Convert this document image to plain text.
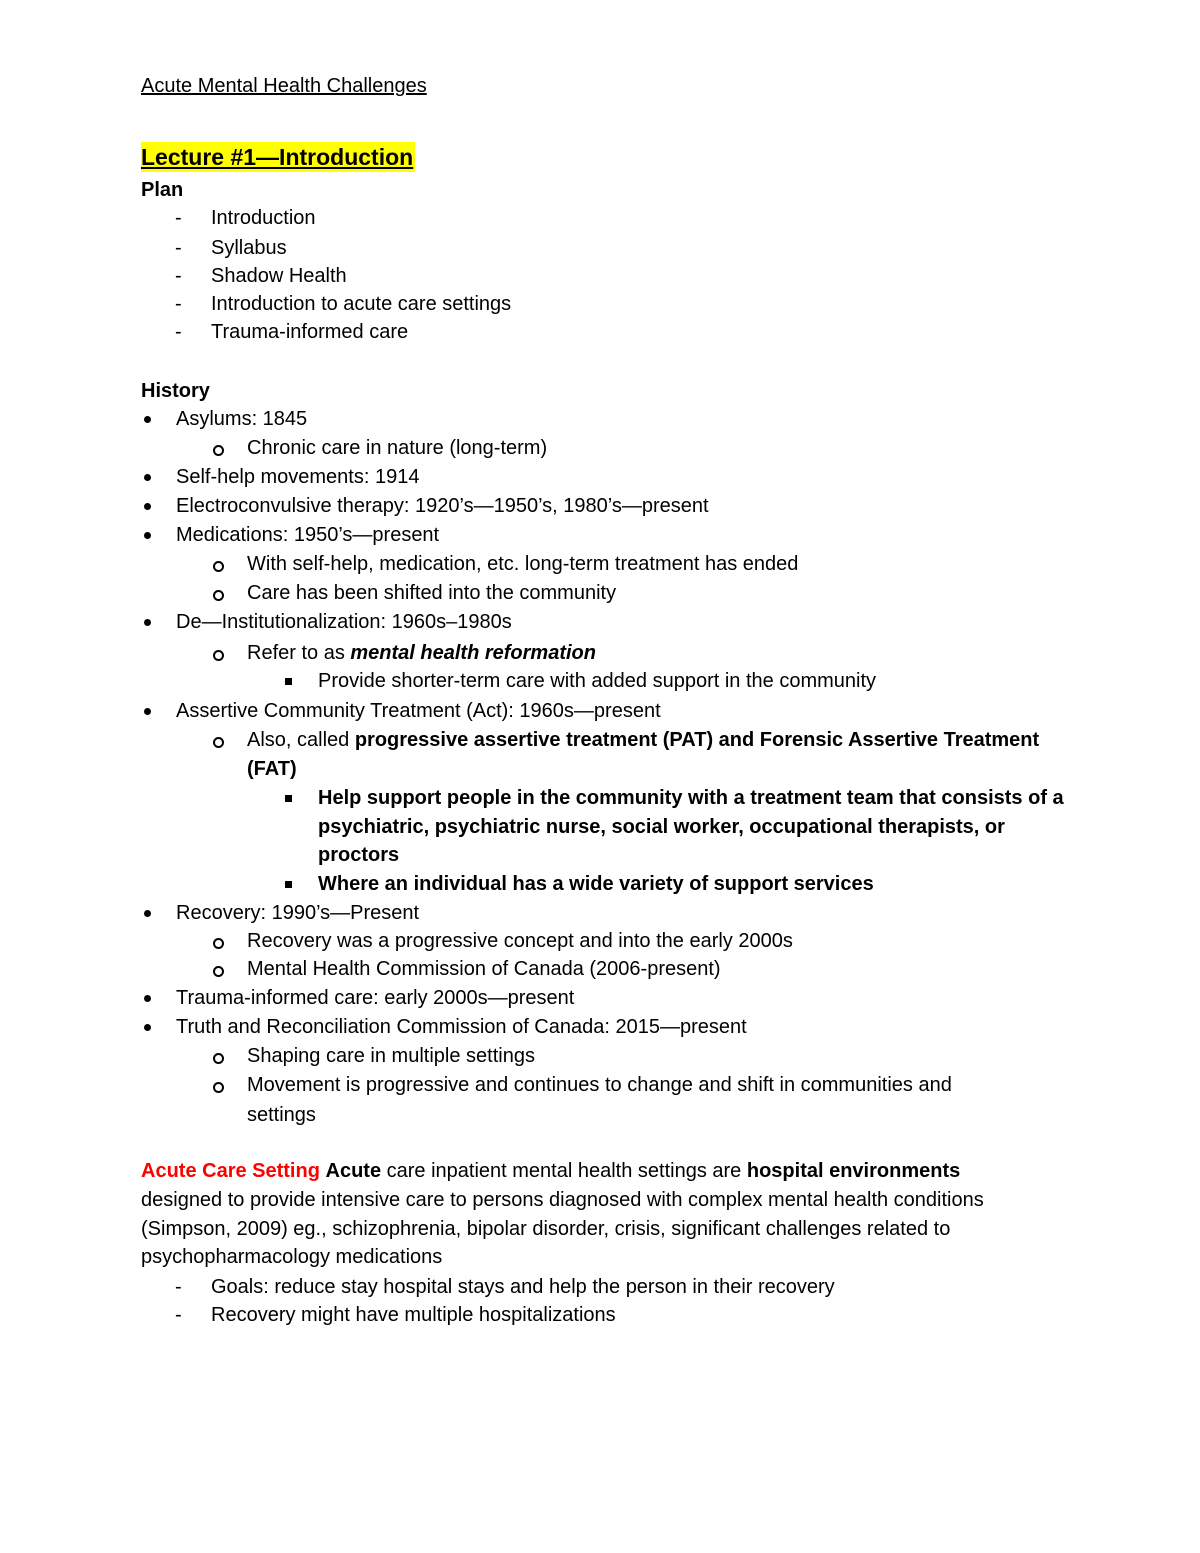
Acute Mental Health Challenges
Lecture #1—Introduction
Plan
- Introduction
- Syllabus
- Shadow Health
- Introduction to acute care settings
- Trauma-informed care
History
Asylums: 1845
Chronic care in nature (long-term)
Self-help movements: 1914
Electroconvulsive therapy: 1920’s—1950’s, 1980’s—present
Medications: 1950’s—present
With self-help, medication, etc. long-term treatment has ended
Care has been shifted into the community
De—Institutionalization: 1960s–1980s
Refer to as mental health reformation
Provide shorter-term care with added support in the community
Assertive Community Treatment (Act): 1960s—present
Also, called progressive assertive treatment (PAT) and Forensic Assertive Treatment
(FAT)
Help support people in the community with a treatment team that consists of a
psychiatric, psychiatric nurse, social worker, occupational therapists, or
proctors
Where an individual has a wide variety of support services
Recovery: 1990’s—Present
Recovery was a progressive concept and into the early 2000s
Mental Health Commission of Canada (2006-present)
Trauma-informed care: early 2000s—present
Truth and Reconciliation Commission of Canada: 2015—present
Shaping care in multiple settings
Movement is progressive and continues to change and shift in communities and
settings
Acute Care Setting Acute care inpatient mental health settings are hospital environments
designed to provide intensive care to persons diagnosed with complex mental health conditions
(Simpson, 2009) eg., schizophrenia, bipolar disorder, crisis, significant challenges related to
psychopharmacology medications
- Goals: reduce stay hospital stays and help the person in their recovery
- Recovery might have multiple hospitalizations
